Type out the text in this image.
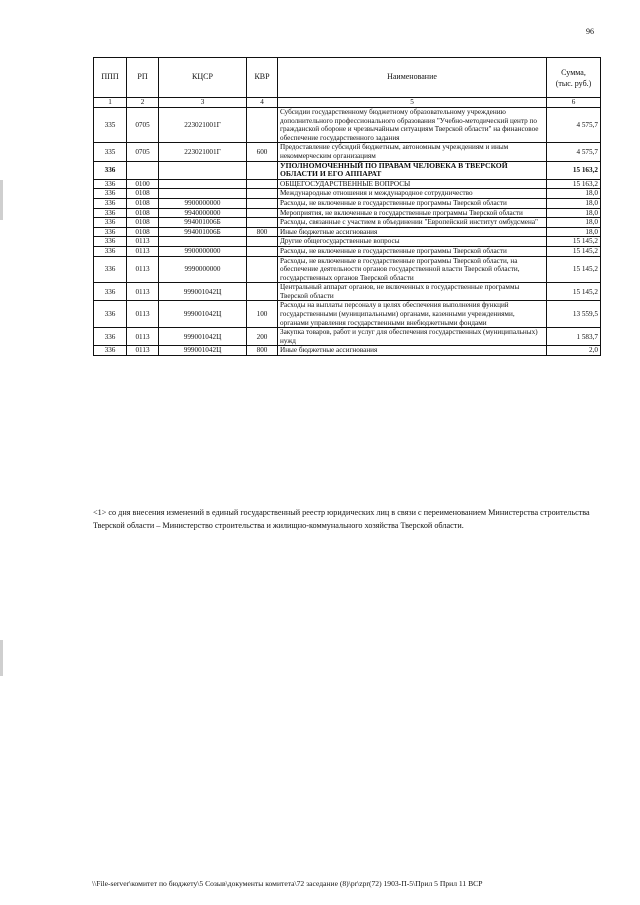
96
ППП	РП	КЦСР	КВР	Наименование	Сумма,
(тыс. руб.)
1	2	3	4	5	6
335	0705	223021001Г		Субсидии государственному бюджетному образовательному учреждению дополнительного профессионального образования "Учебно-методический центр по гражданской обороне и чрезвычайным ситуациям Тверской области" на финансовое обеспечение государственного задания	4 575,7
335	0705	223021001Г	600	Предоставление субсидий бюджетным, автономным учреждениям и иным некоммерческим организациям	4 575,7
336				УПОЛНОМОЧЕННЫЙ ПО ПРАВАМ ЧЕЛОВЕКА В ТВЕРСКОЙ ОБЛАСТИ И ЕГО АППАРАТ	15 163,2
336	0100			ОБЩЕГОСУДАРСТВЕННЫЕ ВОПРОСЫ	15 163,2
336	0108			Международные отношения и международное сотрудничество	18,0
336	0108	9900000000		Расходы, не включенные в государственные программы Тверской области	18,0
336	0108	9940000000		Мероприятия, не включенные в государственные программы Тверской области	18,0
336	0108	994001006Б		Расходы, связанные с участием в объединении "Европейский институт омбудсмена"	18,0
336	0108	994001006Б	800	Иные бюджетные ассигнования	18,0
336	0113			Другие общегосударственные вопросы	15 145,2
336	0113	9900000000		Расходы, не включенные в государственные программы Тверской области	15 145,2
336	0113	9990000000		Расходы, не включенные в государственные программы Тверской области, на обеспечение деятельности органов государственной власти Тверской области, государственных органов Тверской области	15 145,2
336	0113	999001042Ц		Центральный аппарат органов, не включенных в государственные программы Тверской области	15 145,2
336	0113	999001042Ц	100	Расходы на выплаты персоналу в целях обеспечения выполнения функций государственными (муниципальными) органами, казенными учреждениями, органами управления государственными внебюджетными фондами	13 559,5
336	0113	999001042Ц	200	Закупка товаров, работ и услуг для обеспечения государственных (муниципальных) нужд	1 583,7
336	0113	999001042Ц	800	Иные бюджетные ассигнования	2,0
<1> со дня внесения изменений в единый государственный реестр юридических лиц в связи с переименованием Министерства строительства Тверской области – Министерство строительства и жилищно-коммунального хозяйства Тверской области.
\\File-server\комитет по бюджету\5 Созыв\документы комитета\72 заседание (8)\pr\zpr(72) 1903-П-5\Прил 5 Прил 11 ВСР
